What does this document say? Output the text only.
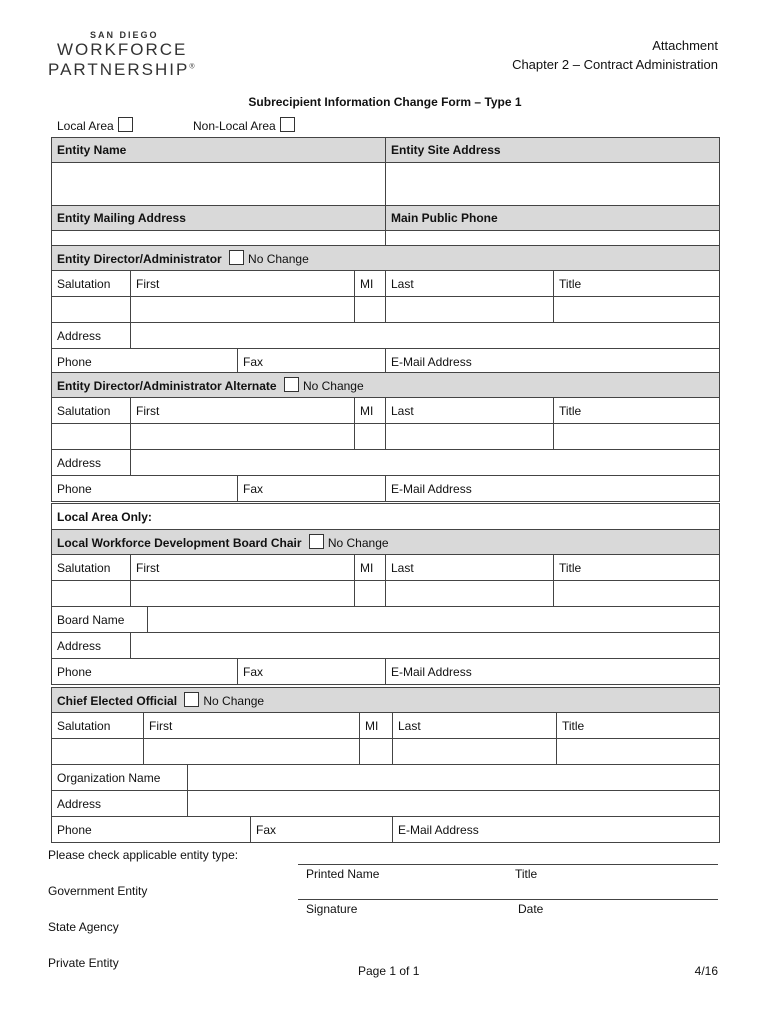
SAN DIEGO
WORKFORCE
PARTNERSHIP®
Attachment
Chapter 2 – Contract Administration
Subrecipient Information Change Form – Type 1
Local Area	Non-Local Area
Entity Name	Entity Site Address

Entity Mailing Address	Main Public Phone

Entity Director/Administrator No Change					
Salutation	First		MI	Last	Title

Address					
Phone		Fax		E-Mail Address	
Entity Director/Administrator Alternate No Change					
Salutation	First		MI	Last	Title

Address					
Phone		Fax		E-Mail Address	
Local Area Only:						
Local Workforce Development Board Chair No Change						
Salutation	First			MI	Last	Title

Board Name						
Address						
Phone			Fax		E-Mail Address	
Chief Elected Official No Change						
Salutation	First			MI	Last	Title

Organization Name						
Address						
Phone			Fax		E-Mail Address	
Please check applicable entity type:
Government Entity
State Agency
Private Entity
Printed Name	Title
Signature	Date
Page 1 of 1	4/16
